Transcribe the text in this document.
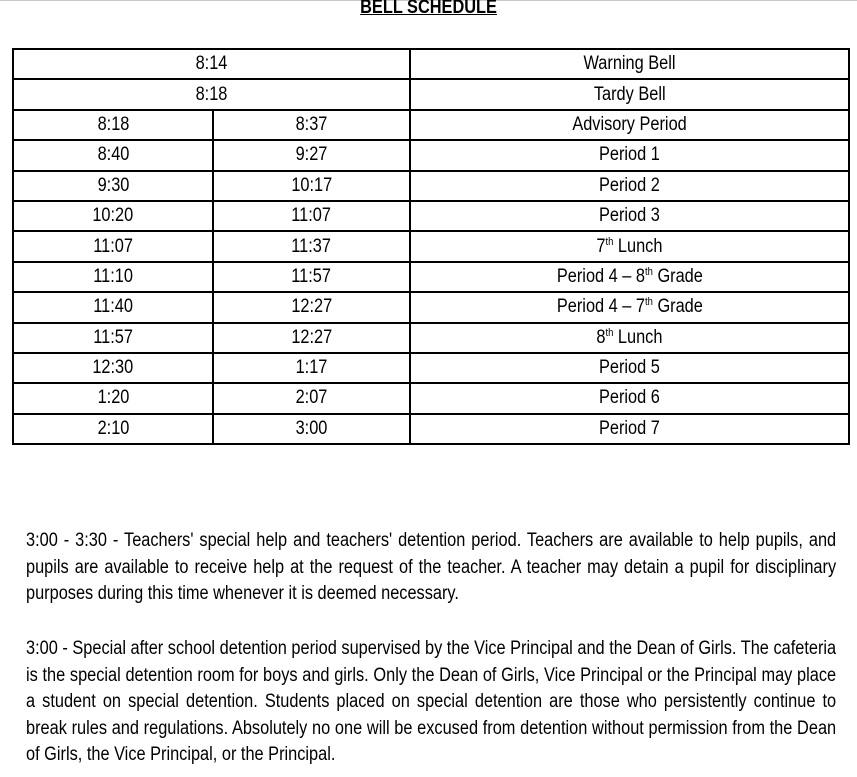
BELL SCHEDULE
8:14		Warning Bell
8:18		Tardy Bell
8:18	8:37	Advisory Period
8:40	9:27	Period 1
9:30	10:17	Period 2
10:20	11:07	Period 3
11:07	11:37	7th Lunch
11:10	11:57	Period 4 – 8th Grade
11:40	12:27	Period 4 – 7th Grade
11:57	12:27	8th Lunch
12:30	1:17	Period 5
1:20	2:07	Period 6
2:10	3:00	Period 7
3:00 - 3:30 - Teachers' special help and teachers' detention period. Teachers are available to help pupils, and pupils are available to receive help at the request of the teacher. A teacher may detain a pupil for disciplinary purposes during this time whenever it is deemed necessary.
3:00 - Special after school detention period supervised by the Vice Principal and the Dean of Girls. The cafeteria is the special detention room for boys and girls. Only the Dean of Girls, Vice Principal or the Principal may place a student on special detention. Students placed on special detention are those who persistently continue to break rules and regulations. Absolutely no one will be excused from detention without permission from the Dean of Girls, the Vice Principal, or the Principal.
